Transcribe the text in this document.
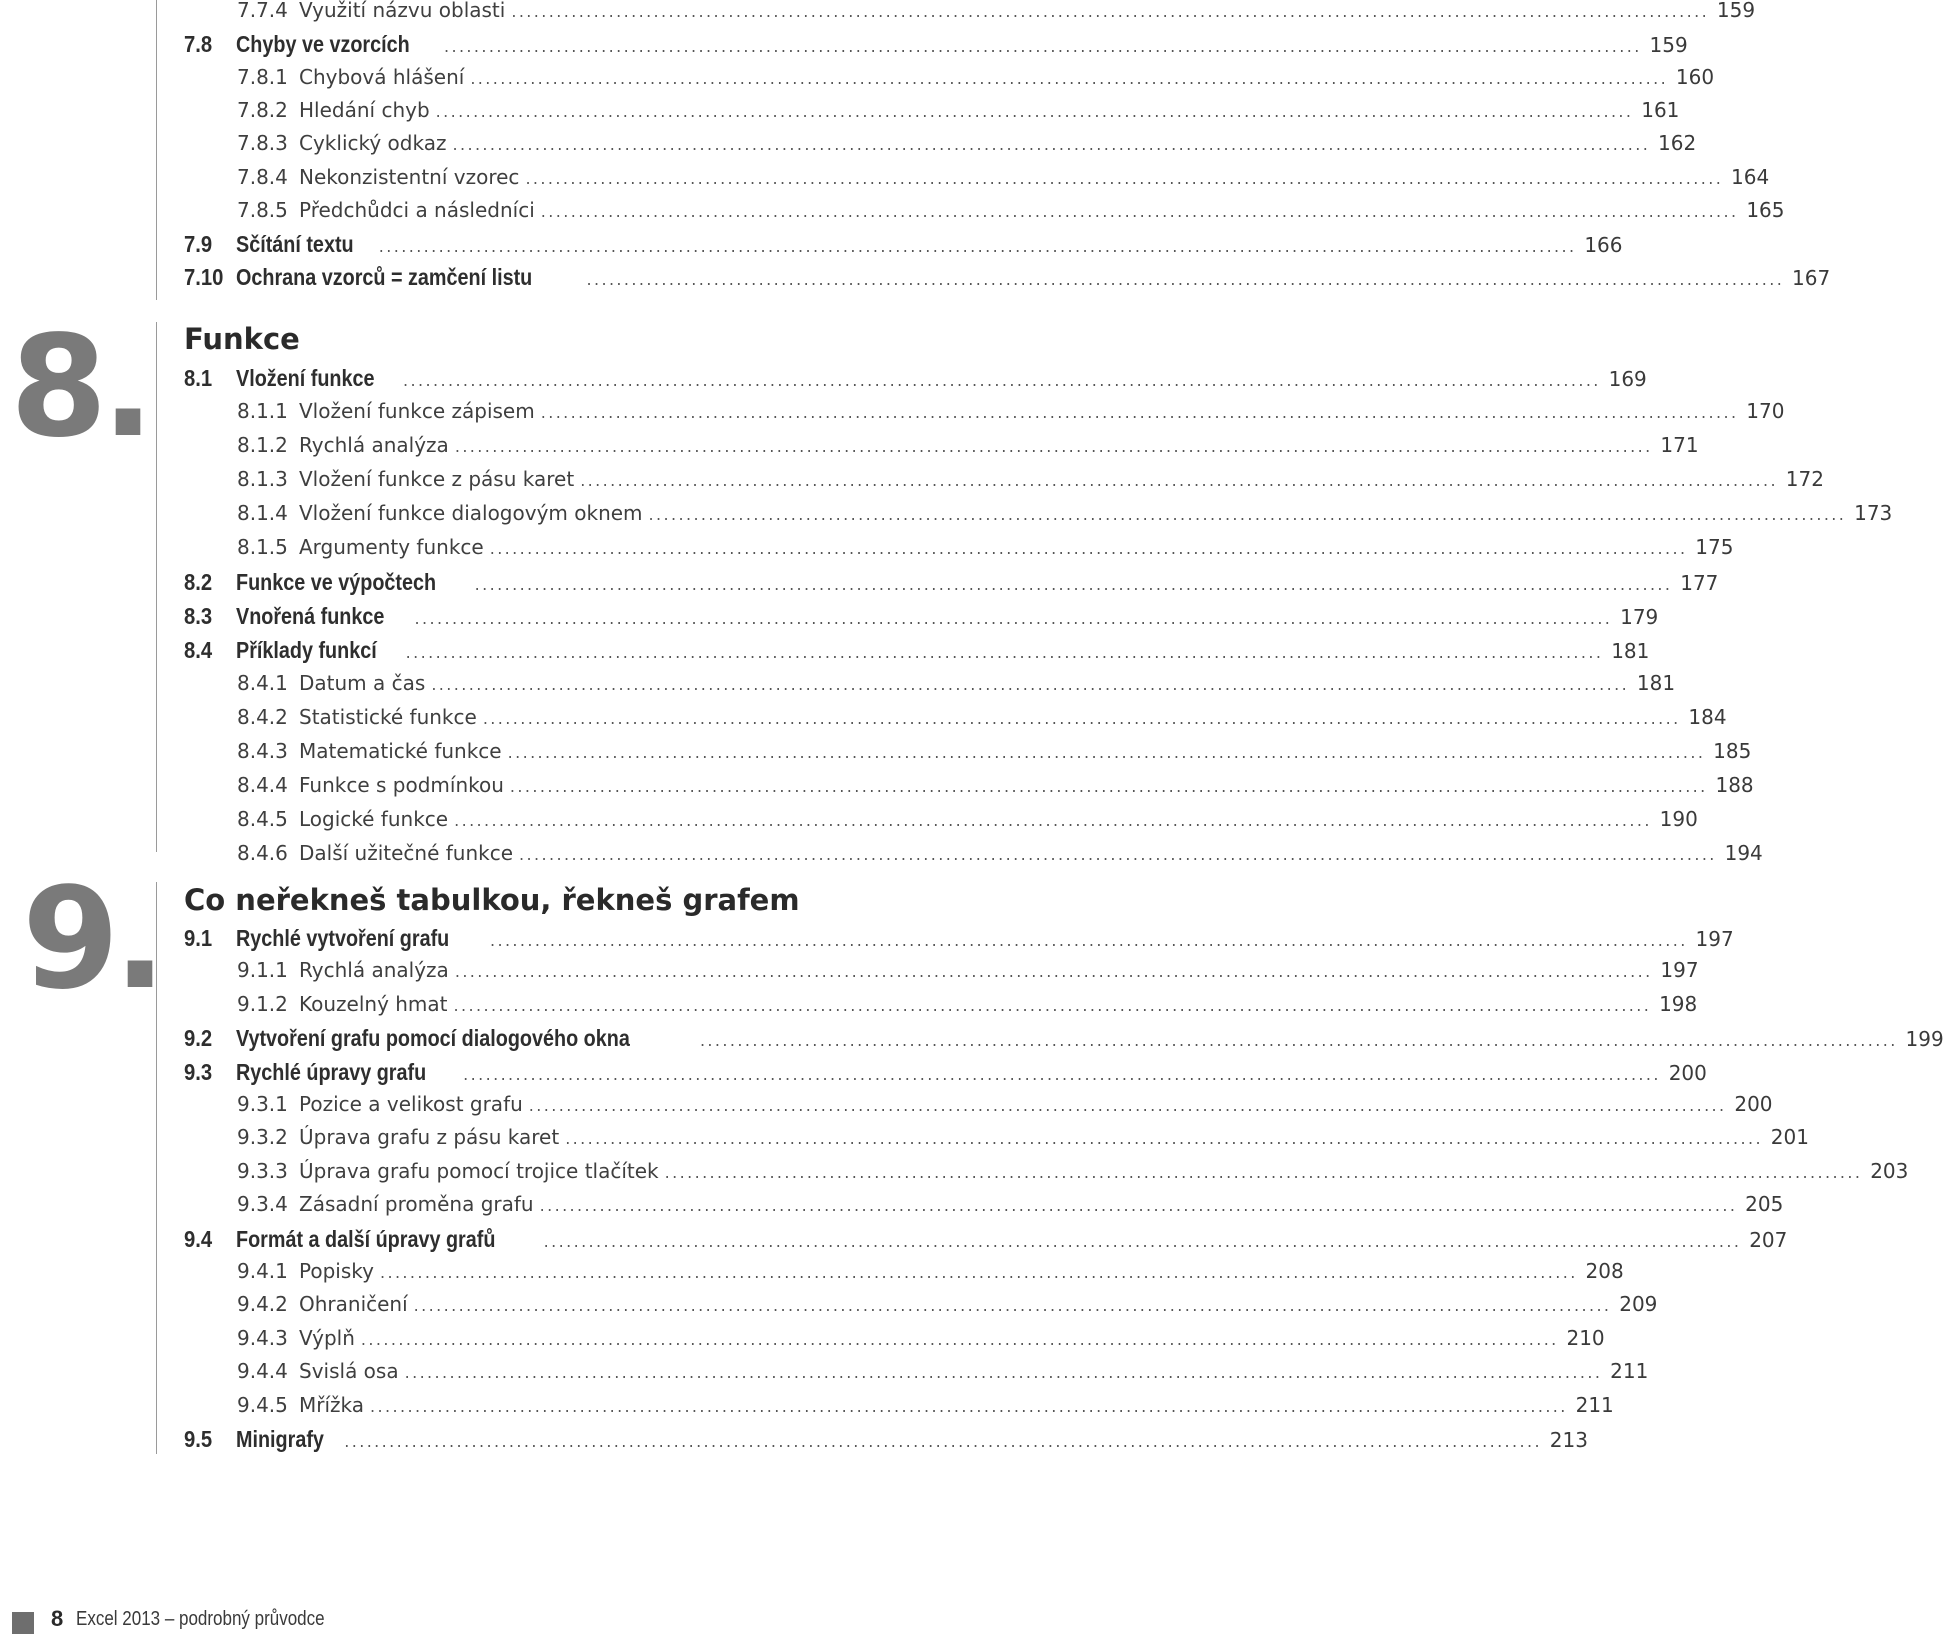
8.
9.
Funkce
Co neřekneš tabulkou, řekneš grafem
7.7.4 Využití názvu oblasti ................................................................................................................................................................ 159
7.8	Chyby ve vzorcích ................................................................................................................................................................ 159
7.8.1 Chybová hlášení ................................................................................................................................................................ 160
7.8.2 Hledání chyb ................................................................................................................................................................ 161
7.8.3 Cyklický odkaz ................................................................................................................................................................ 162
7.8.4 Nekonzistentní vzorec ................................................................................................................................................................ 164
7.8.5 Předchůdci a následníci ................................................................................................................................................................ 165
7.9	Sčítání textu ................................................................................................................................................................ 166
7.10 Ochrana vzorců = zamčení listu	................................................................................................................................................................ 167
8.1	Vložení funkce ................................................................................................................................................................ 169
8.1.1 Vložení funkce zápisem ................................................................................................................................................................ 170
8.1.2 Rychlá analýza ................................................................................................................................................................ 171
8.1.3 Vložení funkce z pásu karet ................................................................................................................................................................ 172
8.1.4 Vložení funkce dialogovým oknem ................................................................................................................................................................ 173
8.1.5 Argumenty funkce ................................................................................................................................................................ 175
8.2	Funkce ve výpočtech ................................................................................................................................................................ 177
8.3	Vnořená funkce ................................................................................................................................................................ 179
8.4	Příklady funkcí ................................................................................................................................................................ 181
8.4.1 Datum a čas ................................................................................................................................................................ 181
8.4.2 Statistické funkce ................................................................................................................................................................ 184
8.4.3 Matematické funkce ................................................................................................................................................................ 185
8.4.4 Funkce s podmínkou ................................................................................................................................................................ 188
8.4.5 Logické funkce ................................................................................................................................................................ 190
8.4.6 Další užitečné funkce ................................................................................................................................................................ 194
9.1	Rychlé vytvoření grafu	................................................................................................................................................................ 197
9.1.1 Rychlá analýza ................................................................................................................................................................ 197
9.1.2 Kouzelný hmat ................................................................................................................................................................ 198
9.2	Vytvoření grafu pomocí dialogového okna	................................................................................................................................................................ 199
9.3	Rychlé úpravy grafu ................................................................................................................................................................ 200
9.3.1 Pozice a velikost grafu ................................................................................................................................................................ 200
9.3.2 Úprava grafu z pásu karet ................................................................................................................................................................ 201
9.3.3 Úprava grafu pomocí trojice tlačítek ................................................................................................................................................................ 203
9.3.4 Zásadní proměna grafu ................................................................................................................................................................ 205
9.4	Formát a další úpravy grafů	................................................................................................................................................................ 207
9.4.1 Popisky ................................................................................................................................................................ 208
9.4.2 Ohraničení ................................................................................................................................................................ 209
9.4.3 Výplň ................................................................................................................................................................ 210
9.4.4 Svislá osa ................................................................................................................................................................ 211
9.4.5 Mřížka ................................................................................................................................................................ 211
9.5	Minigrafy ................................................................................................................................................................ 213
8 Excel 2013 – podrobný průvodce
